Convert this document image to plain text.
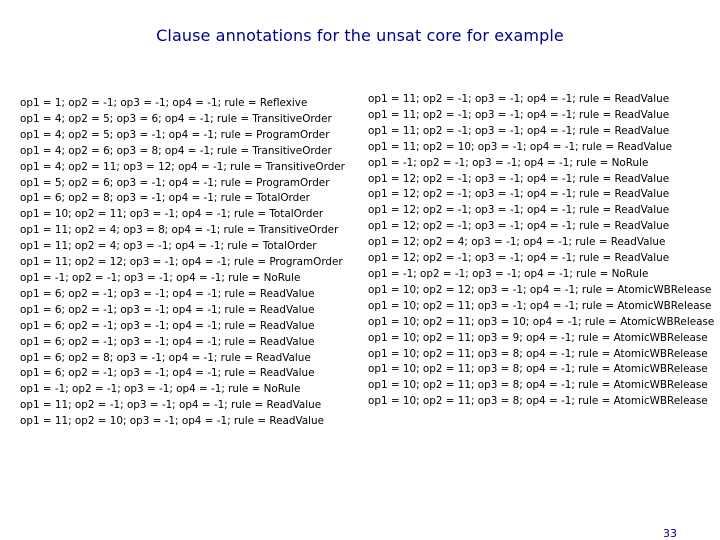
Clause annotations for the unsat core for example
op1 = 1; op2 = -1; op3 = -1; op4 = -1; rule = Reflexive
op1 = 4; op2 = 5; op3 = 6; op4 = -1; rule = TransitiveOrder
op1 = 4; op2 = 5; op3 = -1; op4 = -1; rule = ProgramOrder
op1 = 4; op2 = 6; op3 = 8; op4 = -1; rule = TransitiveOrder
op1 = 4; op2 = 11; op3 = 12; op4 = -1; rule = TransitiveOrder
op1 = 5; op2 = 6; op3 = -1; op4 = -1; rule = ProgramOrder
op1 = 6; op2 = 8; op3 = -1; op4 = -1; rule = TotalOrder
op1 = 10; op2 = 11; op3 = -1; op4 = -1; rule = TotalOrder
op1 = 11; op2 = 4; op3 = 8; op4 = -1; rule = TransitiveOrder
op1 = 11; op2 = 4; op3 = -1; op4 = -1; rule = TotalOrder
op1 = 11; op2 = 12; op3 = -1; op4 = -1; rule = ProgramOrder
op1 = -1; op2 = -1; op3 = -1; op4 = -1; rule = NoRule
op1 = 6; op2 = -1; op3 = -1; op4 = -1; rule = ReadValue
op1 = 6; op2 = -1; op3 = -1; op4 = -1; rule = ReadValue
op1 = 6; op2 = -1; op3 = -1; op4 = -1; rule = ReadValue
op1 = 6; op2 = -1; op3 = -1; op4 = -1; rule = ReadValue
op1 = 6; op2 = 8; op3 = -1; op4 = -1; rule = ReadValue
op1 = 6; op2 = -1; op3 = -1; op4 = -1; rule = ReadValue
op1 = -1; op2 = -1; op3 = -1; op4 = -1; rule = NoRule
op1 = 11; op2 = -1; op3 = -1; op4 = -1; rule = ReadValue
op1 = 11; op2 = 10; op3 = -1; op4 = -1; rule = ReadValue
op1 = 11; op2 = -1; op3 = -1; op4 = -1; rule = ReadValue
op1 = 11; op2 = -1; op3 = -1; op4 = -1; rule = ReadValue
op1 = 11; op2 = -1; op3 = -1; op4 = -1; rule = ReadValue
op1 = 11; op2 = 10; op3 = -1; op4 = -1; rule = ReadValue
op1 = -1; op2 = -1; op3 = -1; op4 = -1; rule = NoRule
op1 = 12; op2 = -1; op3 = -1; op4 = -1; rule = ReadValue
op1 = 12; op2 = -1; op3 = -1; op4 = -1; rule = ReadValue
op1 = 12; op2 = -1; op3 = -1; op4 = -1; rule = ReadValue
op1 = 12; op2 = -1; op3 = -1; op4 = -1; rule = ReadValue
op1 = 12; op2 = 4; op3 = -1; op4 = -1; rule = ReadValue
op1 = 12; op2 = -1; op3 = -1; op4 = -1; rule = ReadValue
op1 = -1; op2 = -1; op3 = -1; op4 = -1; rule = NoRule
op1 = 10; op2 = 12; op3 = -1; op4 = -1; rule = AtomicWBRelease
op1 = 10; op2 = 11; op3 = -1; op4 = -1; rule = AtomicWBRelease
op1 = 10; op2 = 11; op3 = 10; op4 = -1; rule = AtomicWBRelease
op1 = 10; op2 = 11; op3 = 9; op4 = -1; rule = AtomicWBRelease
op1 = 10; op2 = 11; op3 = 8; op4 = -1; rule = AtomicWBRelease
op1 = 10; op2 = 11; op3 = 8; op4 = -1; rule = AtomicWBRelease
op1 = 10; op2 = 11; op3 = 8; op4 = -1; rule = AtomicWBRelease
op1 = 10; op2 = 11; op3 = 8; op4 = -1; rule = AtomicWBRelease
33
